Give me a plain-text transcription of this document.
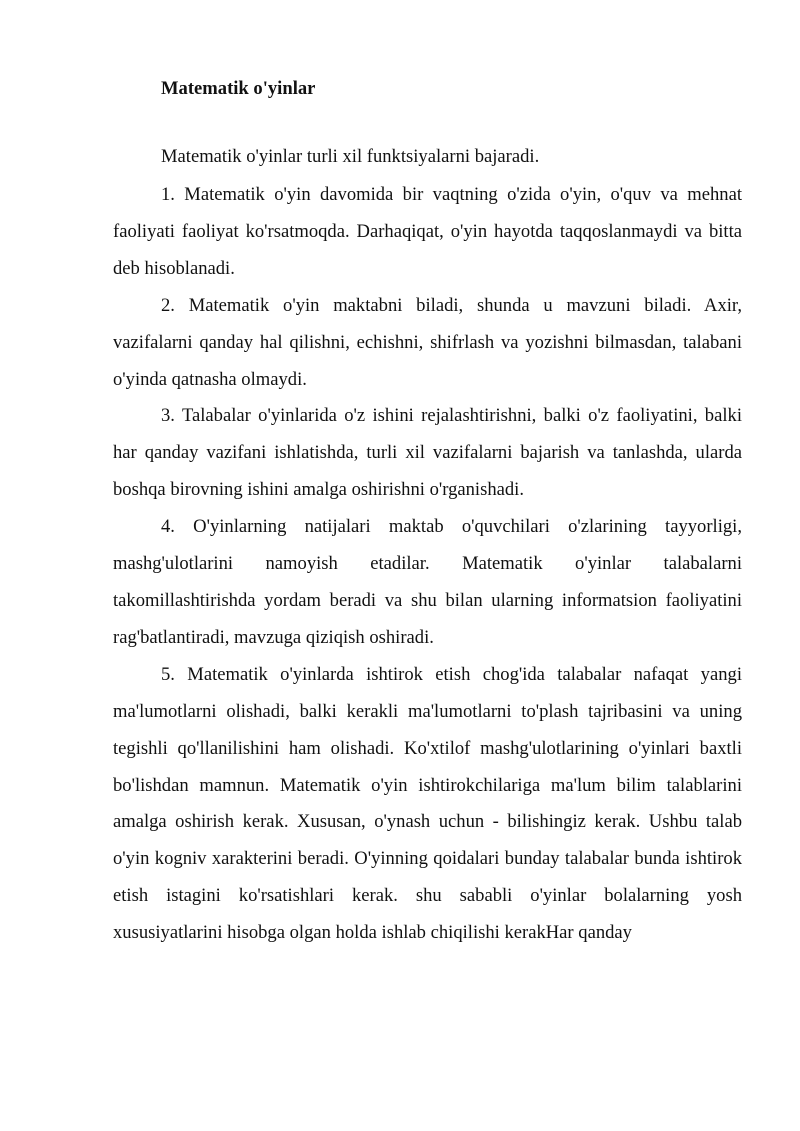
Matematik o'yinlar

Matematik o'yinlar turli xil funktsiyalarni bajaradi.

1. Matematik o'yin davomida bir vaqtning o'zida o'yin, o'quv va mehnat faoliyati faoliyat ko'rsatmoqda. Darhaqiqat, o'yin hayotda taqqoslanmaydi va bitta deb hisoblanadi.

2. Matematik o'yin maktabni biladi, shunda u mavzuni biladi. Axir, vazifalarni qanday hal qilishni, echishni, shifrlash va yozishni bilmasdan, talabani o'yinda qatnasha olmaydi.

3. Talabalar o'yinlarida o'z ishini rejalashtirishni, balki o'z faoliyatini, balki har qanday vazifani ishlatishda, turli xil vazifalarni bajarish va tanlashda, ularda boshqa birovning ishini amalga oshirishni o'rganishadi.

4. O'yinlarning natijalari maktab o'quvchilari o'zlarining tayyorligi, mashg'ulotlarini namoyish etadilar. Matematik o'yinlar talabalarni takomillashtirishda yordam beradi va shu bilan ularning informatsion faoliyatini rag'batlantiradi, mavzuga qiziqish oshiradi.

5. Matematik o'yinlarda ishtirok etish chog'ida talabalar nafaqat yangi ma'lumotlarni olishadi, balki kerakli ma'lumotlarni to'plash tajribasini va uning tegishli qo'llanilishini ham olishadi. Ko'xtilof mashg'ulotlarining o'yinlari baxtli bo'lishdan mamnun. Matematik o'yin ishtirokchilariga ma'lum bilim talablarini amalga oshirish kerak. Xususan, o'ynash uchun - bilishingiz kerak. Ushbu talab o'yin kogniv xarakterini beradi. O'yinning qoidalari bunday talabalar bunda ishtirok etish istagini ko'rsatishlari kerak. shu sababli o'yinlar bolalarning yosh xususiyatlarini hisobga olgan holda ishlab chiqilishi kerakHar qanday
